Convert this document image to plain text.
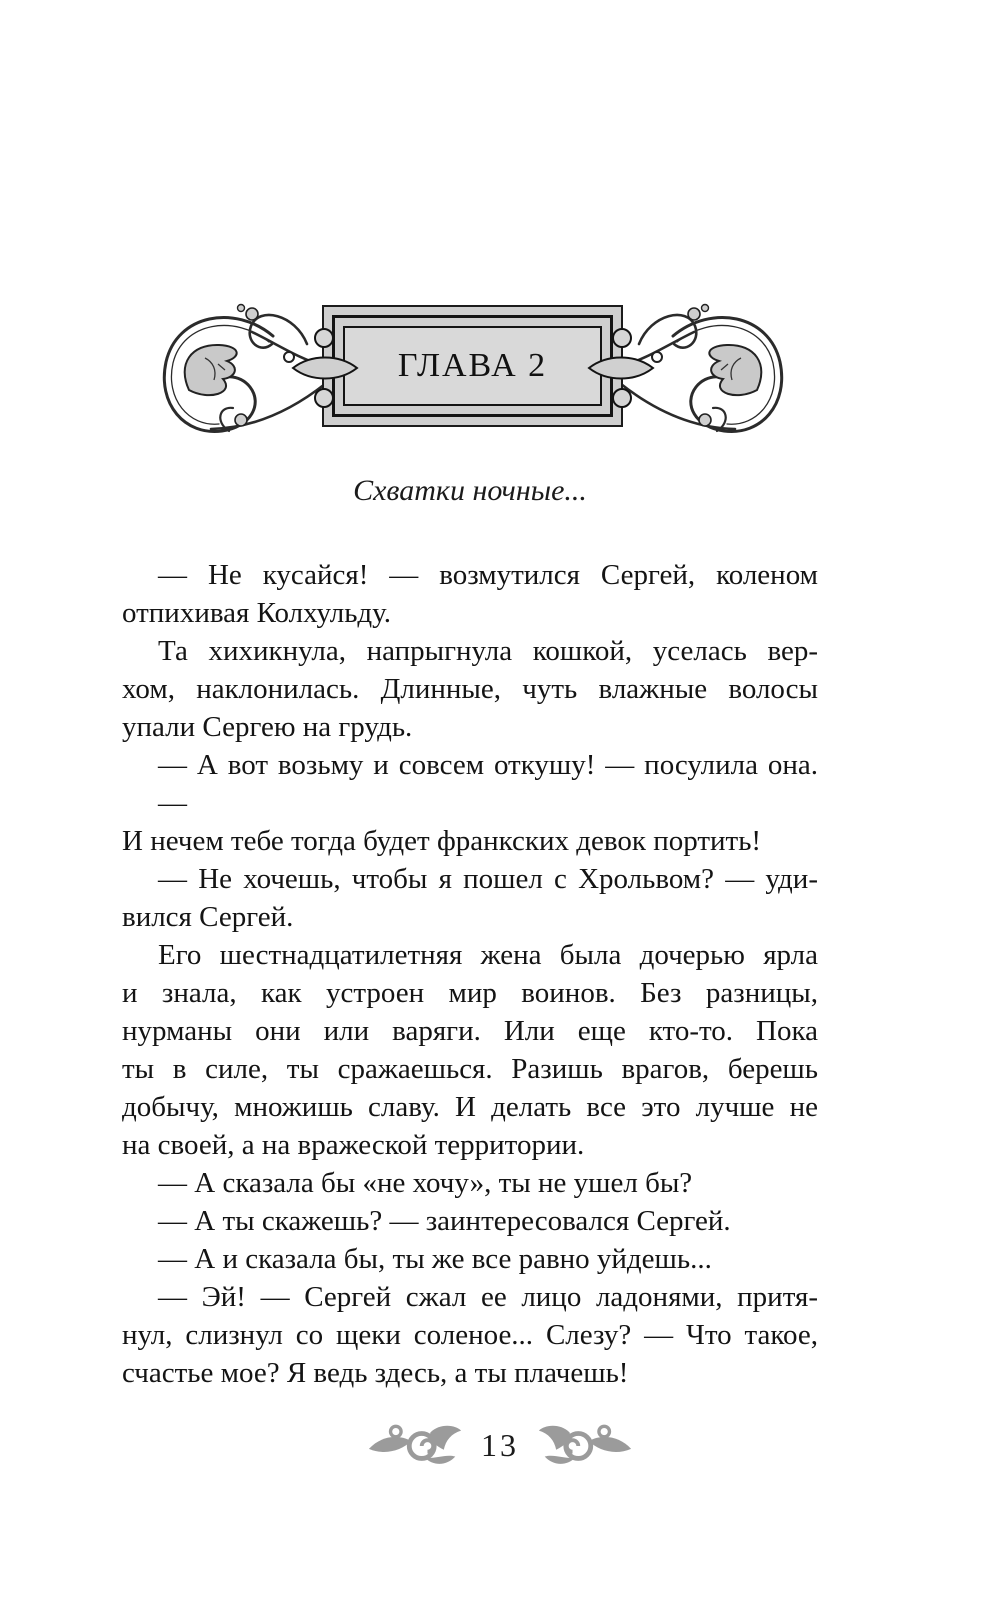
ГЛАВА 2
Схватки ночные...
— Не кусайся! — возмутился Сергей, коленом
отпихивая Колхульду.
Та хихикнула, напрыгнула кошкой, уселась вер-
хом, наклонилась. Длинные, чуть влажные волосы
упали Сергею на грудь.
— А вот возьму и совсем откушу! — посулила она. —
И нечем тебе тогда будет франкских девок портить!
— Не хочешь, чтобы я пошел с Хрольвом? — уди-
вился Сергей.
Его шестнадцатилетняя жена была дочерью ярла
и знала, как устроен мир воинов. Без разницы,
нурманы они или варяги. Или еще кто-то. Пока
ты в силе, ты сражаешься. Разишь врагов, берешь
добычу, множишь славу. И делать все это лучше не
на своей, а на вражеской территории.
— А сказала бы «не хочу», ты не ушел бы?
— А ты скажешь? — заинтересовался Сергей.
— А и сказала бы, ты же все равно уйдешь...
— Эй! — Сергей сжал ее лицо ладонями, притя-
нул, слизнул со щеки соленое... Слезу? — Что такое,
счастье мое? Я ведь здесь, а ты плачешь!
13
